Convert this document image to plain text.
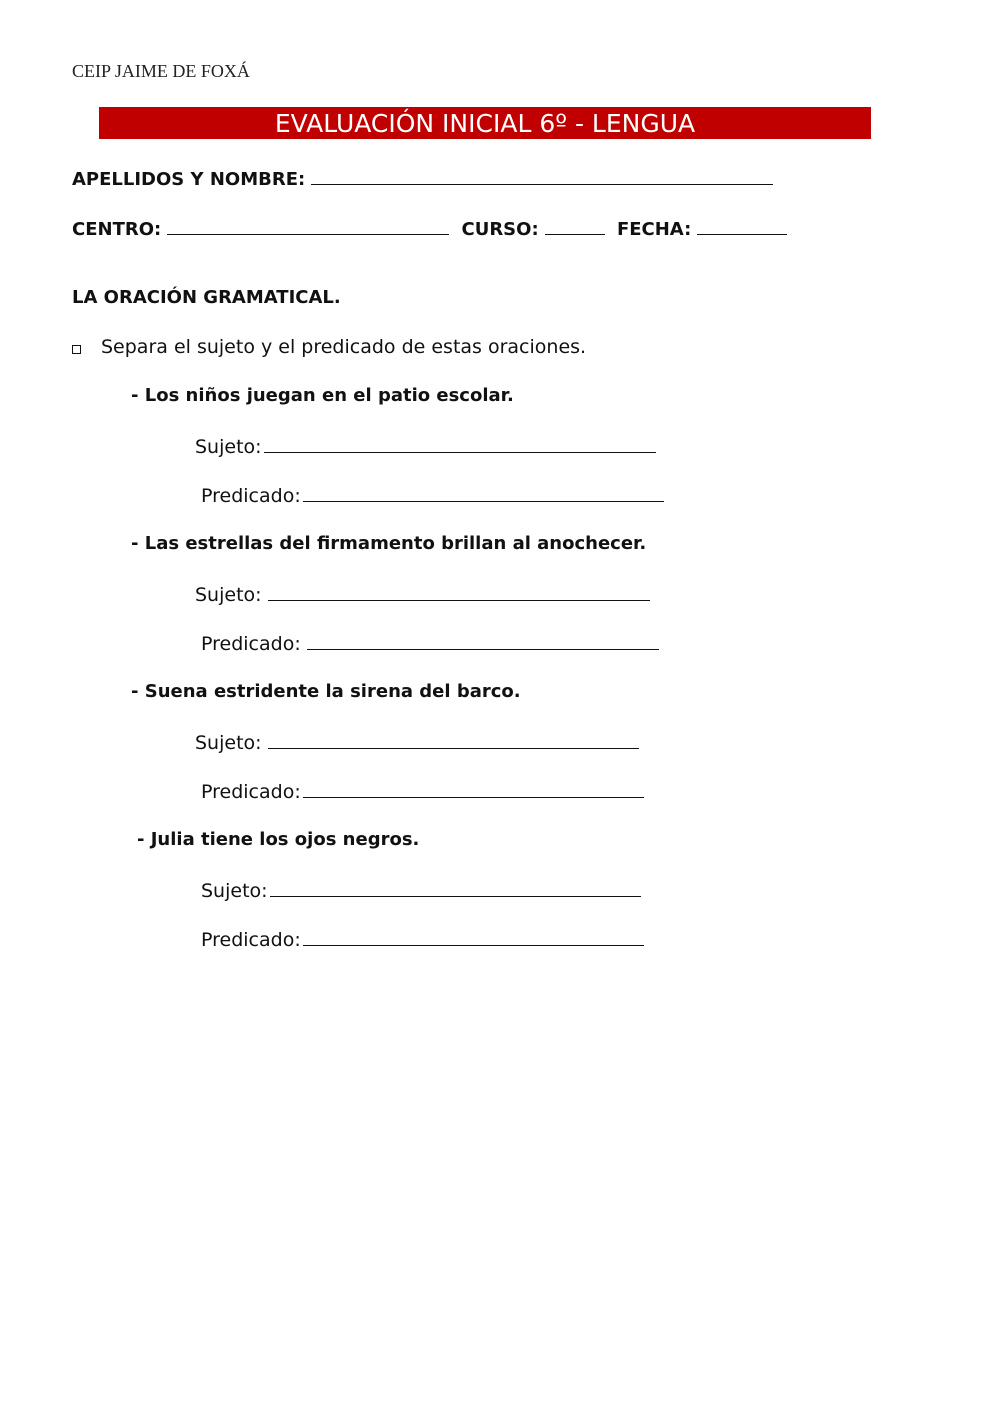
CEIP JAIME DE FOXÁ
EVALUACIÓN INICIAL 6º - LENGUA
APELLIDOS Y NOMBRE:
CENTRO:	CURSO:	FECHA:
LA ORACIÓN GRAMATICAL.
Separa el sujeto y el predicado de estas oraciones.
- Los niños juegan en el patio escolar.
Sujeto:
Predicado:
- Las estrellas del firmamento brillan al anochecer.
Sujeto:
Predicado:
- Suena estridente la sirena del barco.
Sujeto:
Predicado:
- Julia tiene los ojos negros.
Sujeto:
Predicado:
